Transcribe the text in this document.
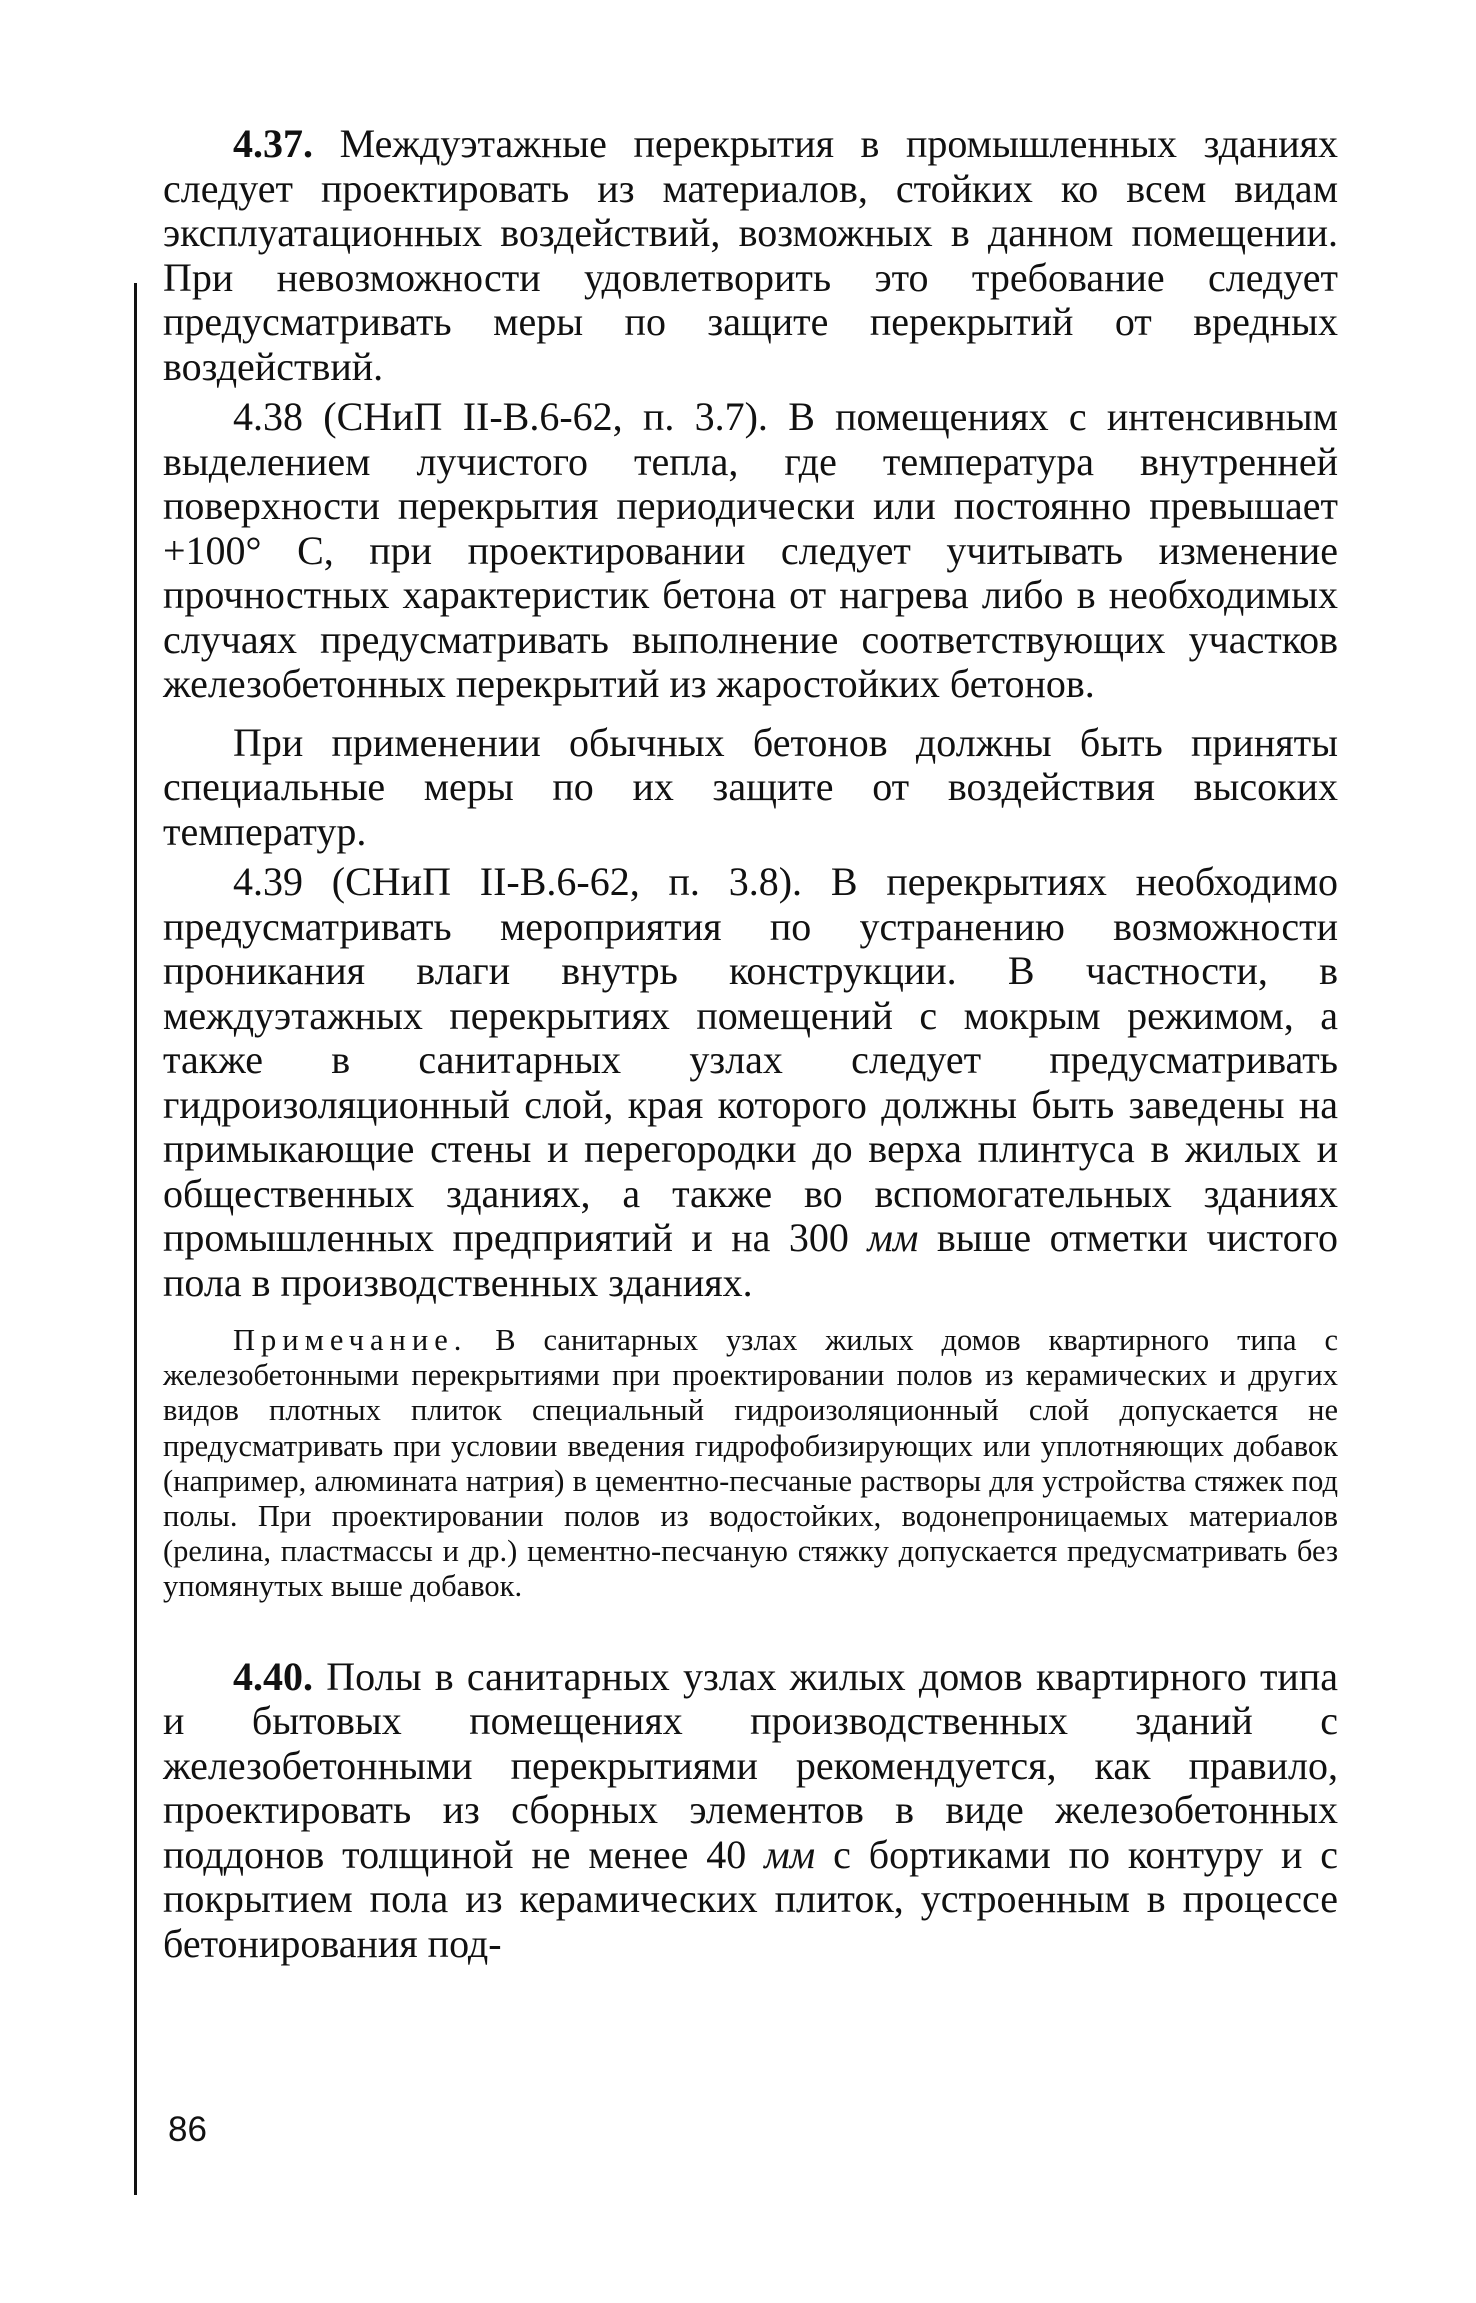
4.37. Междуэтажные перекрытия в промышленных зданиях следует проектировать из материалов, стойких ко всем видам эксплуатационных воздействий, возможных в данном помещении. При невозможности удовлетворить это требование следует предусматривать меры по защите перекрытий от вредных воздействий.

4.38 (СНиП II-В.6-62, п. 3.7). В помещениях с интенсивным выделением лучистого тепла, где температура внутренней поверхности перекрытия периодически или постоянно превышает +100° С, при проектировании следует учитывать изменение прочностных характеристик бетона от нагрева либо в необходимых случаях предусматривать выполнение соответствующих участков железобетонных перекрытий из жаростойких бетонов.

При применении обычных бетонов должны быть приняты специальные меры по их защите от воздействия высоких температур.

4.39 (СНиП II-В.6-62, п. 3.8). В перекрытиях необходимо предусматривать мероприятия по устранению возможности проникания влаги внутрь конструкции. В частности, в междуэтажных перекрытиях помещений с мокрым режимом, а также в санитарных узлах следует предусматривать гидроизоляционный слой, края которого должны быть заведены на примыкающие стены и перегородки до верха плинтуса в жилых и общественных зданиях, а также во вспомогательных зданиях промышленных предприятий и на 300 мм выше отметки чистого пола в производственных зданиях.

Примечание. В санитарных узлах жилых домов квартирного типа с железобетонными перекрытиями при проектировании полов из керамических и других видов плотных плиток специальный гидроизоляционный слой допускается не предусматривать при условии введения гидрофобизирующих или уплотняющих добавок (например, алюмината натрия) в цементно-песчаные растворы для устройства стяжек под полы. При проектировании полов из водостойких, водонепроницаемых материалов (релина, пластмассы и др.) цементно-песчаную стяжку допускается предусматривать без упомянутых выше добавок.

4.40. Полы в санитарных узлах жилых домов квартирного типа и бытовых помещениях производственных зданий с железобетонными перекрытиями рекомендуется, как правило, проектировать из сборных элементов в виде железобетонных поддонов толщиной не менее 40 мм с бортиками по контуру и с покрытием пола из керамических плиток, устроенным в процессе бетонирования под-

86
